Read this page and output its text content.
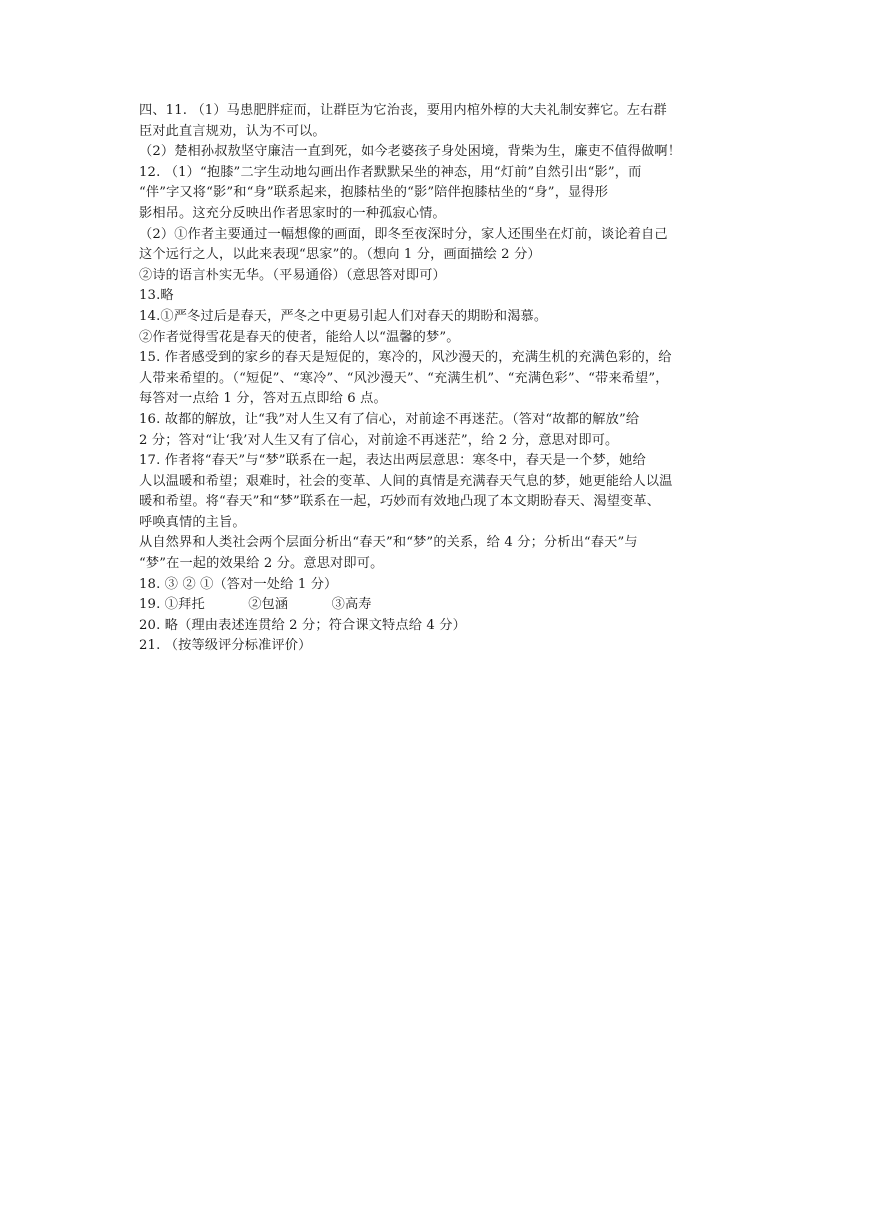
四、11. （1）马患肥胖症而，让群臣为它治丧，要用内棺外椁的大夫礼制安葬它。左右群

臣对此直言规劝，认为不可以。

（2）楚相孙叔敖坚守廉洁一直到死，如今老婆孩子身处困境，背柴为生，廉吏不值得做啊！

12. （1）“抱膝”二字生动地勾画出作者默默呆坐的神态，用“灯前”自然引出“影”，而

“伴”字又将“影”和“身”联系起来，抱膝枯坐的“影”陪伴抱膝枯坐的“身”，显得形

影相吊。这充分反映出作者思家时的一种孤寂心情。

（2）①作者主要通过一幅想像的画面，即冬至夜深时分，家人还围坐在灯前，谈论着自己

这个远行之人，以此来表现“思家”的。（想向 1 分，画面描绘 2 分）

②诗的语言朴实无华。（平易通俗）（意思答对即可）

13.略

14.①严冬过后是春天，严冬之中更易引起人们对春天的期盼和渴慕。

②作者觉得雪花是春天的使者，能给人以“温馨的梦”。

15. 作者感受到的家乡的春天是短促的，寒冷的，风沙漫天的，充满生机的充满色彩的，给

人带来希望的。（“短促”、“寒冷”、“风沙漫天”、“充满生机”、“充满色彩”、“带来希望”，

每答对一点给 1 分，答对五点即给 6 点。

16. 故都的解放，让“我”对人生又有了信心，对前途不再迷茫。（答对“故都的解放”给

2 分；答对“让‘我’对人生又有了信心，对前途不再迷茫”，给 2 分，意思对即可。

17. 作者将“春天”与“梦”联系在一起，表达出两层意思：寒冬中，春天是一个梦，她给

人以温暖和希望；艰难时，社会的变革、人间的真情是充满春天气息的梦，她更能给人以温

暖和希望。将“春天”和“梦”联系在一起，巧妙而有效地凸现了本文期盼春天、渴望变革、

呼唤真情的主旨。

从自然界和人类社会两个层面分析出“春天”和“梦”的关系，给 4 分；分析出“春天”与

“梦”在一起的效果给 2 分。意思对即可。

18. ③ ② ①（答对一处给 1 分）

19. ①拜托          ②包涵          ③高寿

20. 略（理由表述连贯给 2 分；符合课文特点给 4 分）

21. （按等级评分标准评价）
